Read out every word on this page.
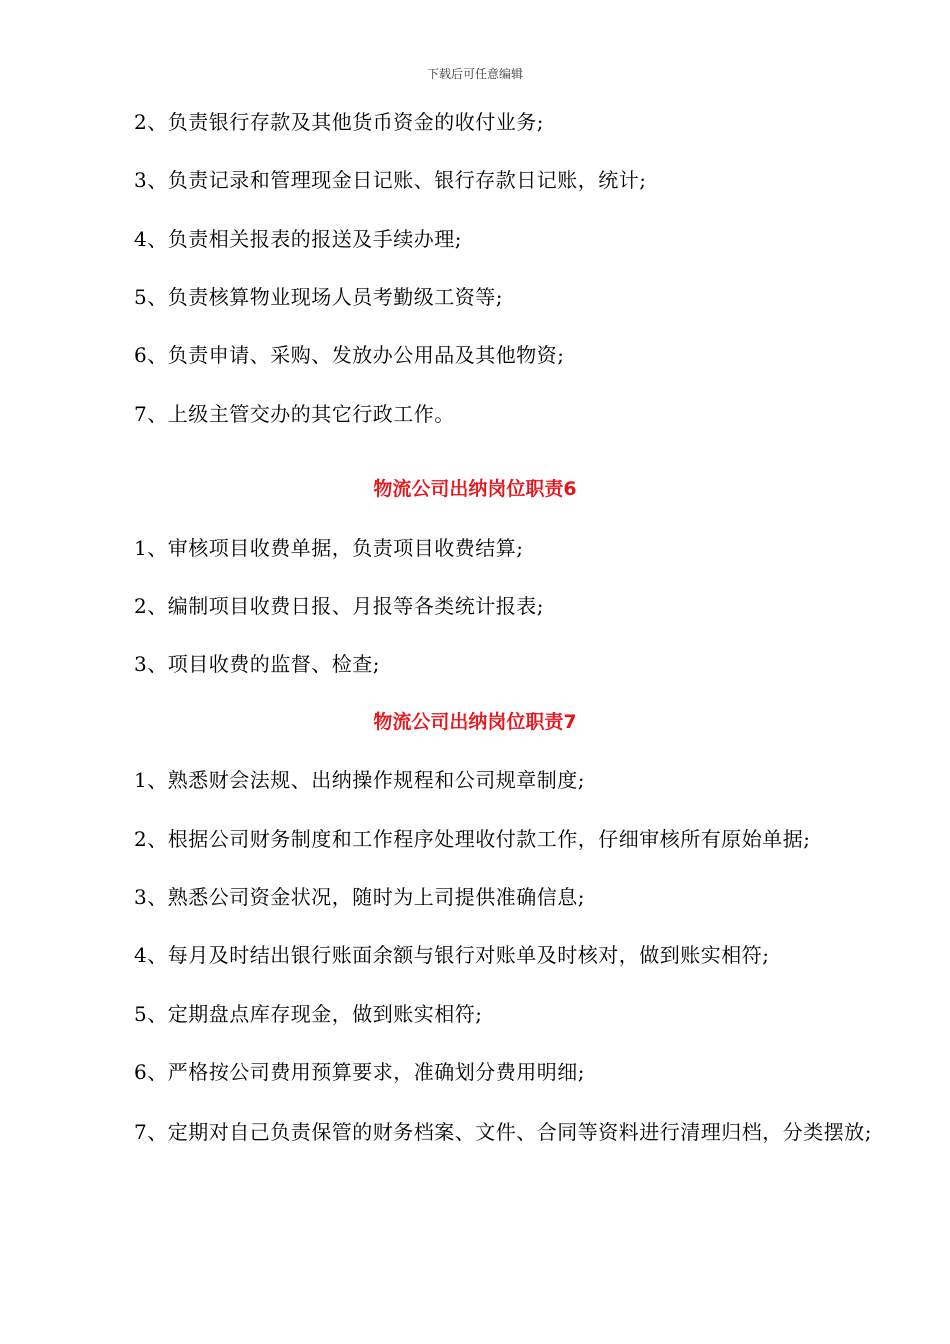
下载后可任意编辑

2、负责银行存款及其他货币资金的收付业务;

3、负责记录和管理现金日记账、银行存款日记账，统计;

4、负责相关报表的报送及手续办理;

5、负责核算物业现场人员考勤级工资等;

6、负责申请、采购、发放办公用品及其他物资;

7、上级主管交办的其它行政工作。

物流公司出纳岗位职责6

1、审核项目收费单据，负责项目收费结算;

2、编制项目收费日报、月报等各类统计报表;

3、项目收费的监督、检查;

物流公司出纳岗位职责7

1、熟悉财会法规、出纳操作规程和公司规章制度;

2、根据公司财务制度和工作程序处理收付款工作，仔细审核所有原始单据;

3、熟悉公司资金状况，随时为上司提供准确信息;

4、每月及时结出银行账面余额与银行对账单及时核对，做到账实相符;

5、定期盘点库存现金，做到账实相符;

6、严格按公司费用预算要求，准确划分费用明细;

7、定期对自己负责保管的财务档案、文件、合同等资料进行清理归档，分类摆放;
